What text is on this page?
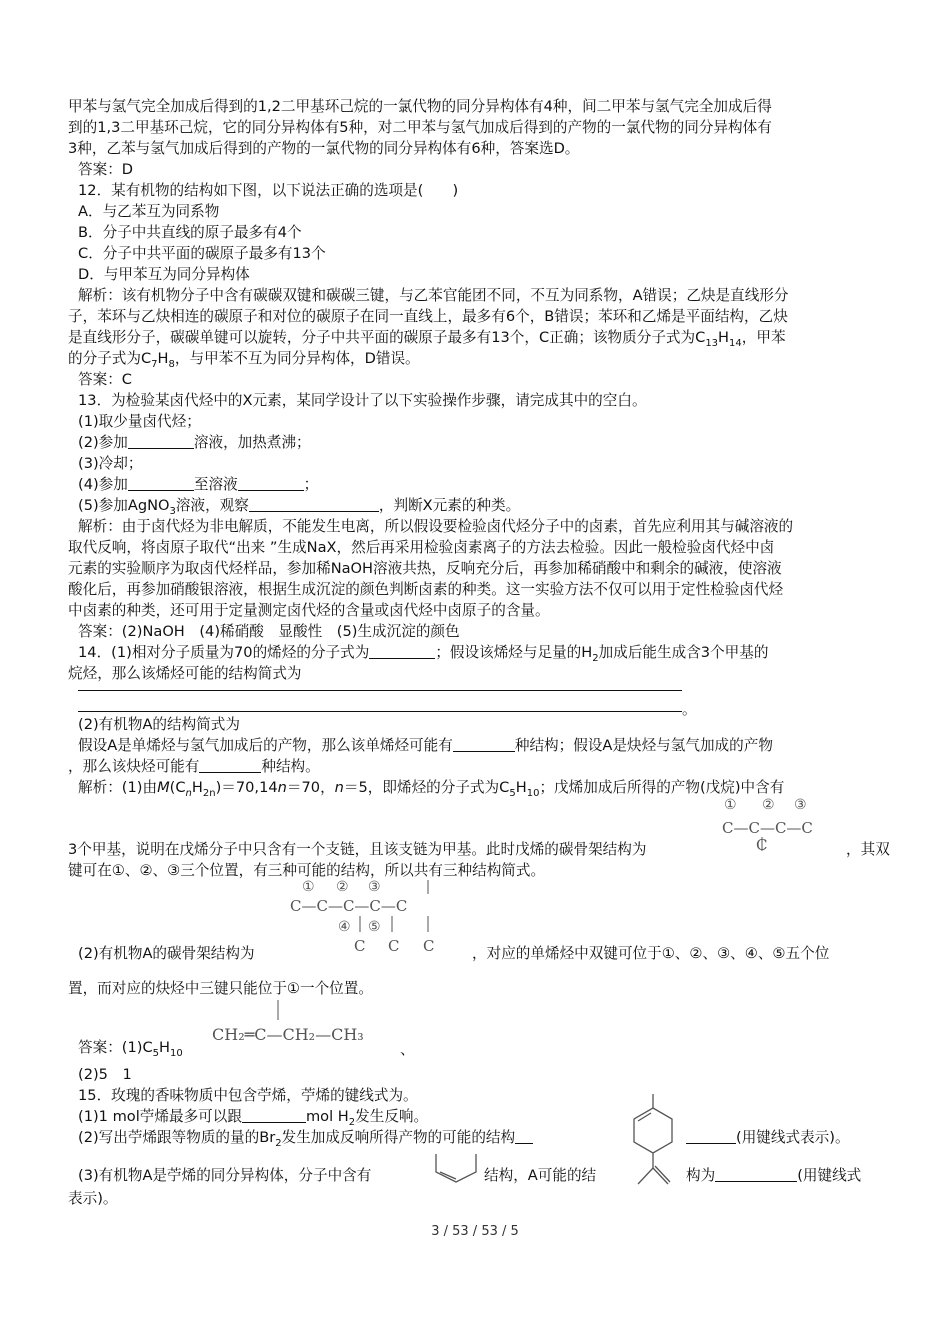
甲苯与氢气完全加成后得到的1,2二甲基环己烷的一氯代物的同分异构体有4种，间二甲苯与氢气完全加成后得
到的1,3二甲基环己烷，它的同分异构体有5种，对二甲苯与氢气加成后得到的产物的一氯代物的同分异构体有
3种，乙苯与氢气加成后得到的产物的一氯代物的同分异构体有6种，答案选D。
答案：D
12．某有机物的结构如下图，以下说法正确的选项是(　　)
A．与乙苯互为同系物
B．分子中共直线的原子最多有4个
C．分子中共平面的碳原子最多有13个
D．与甲苯互为同分异构体
解析：该有机物分子中含有碳碳双键和碳碳三键，与乙苯官能团不同，不互为同系物，A错误；乙炔是直线形分
子，苯环与乙炔相连的碳原子和对位的碳原子在同一直线上，最多有6个，B错误；苯环和乙烯是平面结构，乙炔
是直线形分子，碳碳单键可以旋转，分子中共平面的碳原子最多有13个，C正确；该物质分子式为$C_{13}H_{14}$，甲苯
的分子式为$C_7H_8$，与甲苯不互为同分异构体，D错误。
答案：C
13．为检验某卤代烃中的X元素，某同学设计了以下实验操作步骤，请完成其中的空白。
(1)取少量卤代烃；
(2)参加	溶液，加热煮沸；
(3)冷却；
(4)参加	至溶液	；
(5)参加AgNO$_3$溶液，观察	，判断X元素的种类。
解析：由于卤代烃为非电解质，不能发生电离，所以假设要检验卤代烃分子中的卤素，首先应利用其与碱溶液的
取代反响，将卤原子取代“出来 ”生成NaX，然后再采用检验卤素离子的方法去检验。因此一般检验卤代烃中卤
元素的实验顺序为取卤代烃样品，参加稀NaOH溶液共热，反响充分后，再参加稀硝酸中和剩余的碱液，使溶液
酸化后，再参加硝酸银溶液，根据生成沉淀的颜色判断卤素的种类。这一实验方法不仅可以用于定性检验卤代烃
中卤素的种类，还可用于定量测定卤代烃的含量或卤代烃中卤原子的含量。
答案：(2)NaOH　(4)稀硝酸　显酸性　(5)生成沉淀的颜色
14．(1)相对分子质量为70的烯烃的分子式为	；假设该烯烃与足量的$H_2$加成后能生成含3个甲基的
烷烃，那么该烯烃可能的结构简式为
。
(2)有机物A的结构简式为
假设A是单烯烃与氢气加成后的产物，那么该单烯烃可能有	种结构；假设A是炔烃与氢气加成的产物
，那么该炔烃可能有	种结构。
解析：(1)由$M(C_nH_{2n})=70,14n=70$，n＝5，即烯烃的分子式为$C_5H_{10}$；戊烯加成后所得的产物(戊烷)中含有
① ② ③
C—C—C—C
C
3个甲基，说明在戊烯分子中只含有一个支链，且该支链为甲基。此时戊烯的碳骨架结构为	，其双
键可在①、②、③三个位置，有三种可能的结构，所以共有三种结构简式。
① ② ③
C—C—C—C—C
④ ⑤
C C C
(2)有机物A的碳骨架结构为	，对应的单烯烃中双键可位于①、②、③、④、⑤五个位
置，而对应的炔烃中三键只能位于①一个位置。
CH₂═C—CH₂—CH₃
答案：$(1)C_5H_{10}$	、
(2)5　1
15．玫瑰的香味物质中包含苧烯，苧烯的键线式为。
(1)1 mol苧烯最多可以跟	mol $H_2$发生反响。
(2)写出苧烯跟等物质的量的$Br_2$发生加成反响所得产物的可能的结构	(用键线式表示)。
(3)有机物A是苧烯的同分异构体，分子中含有	结构，A可能的结	构为	(用键线式
表示)。
3 / 53 / 53 / 5
